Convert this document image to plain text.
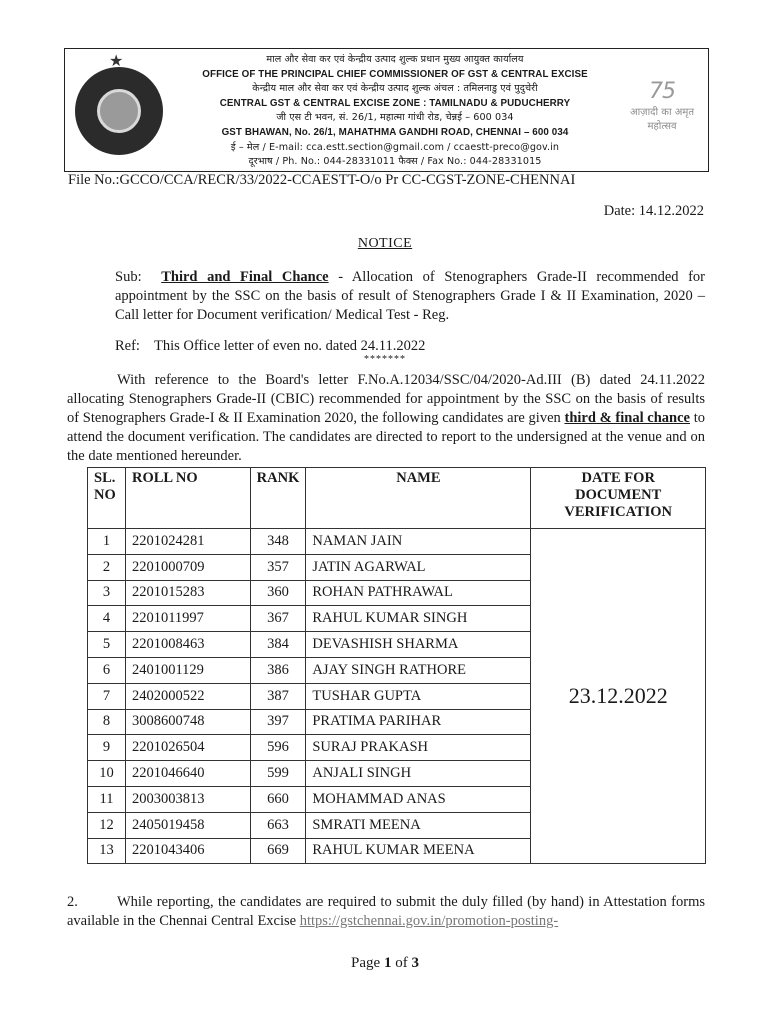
★	माल और सेवा कर एवं केन्द्रीय उत्पाद शुल्क प्रधान मुख्य आयुक्त कार्यालय
OFFICE OF THE PRINCIPAL CHIEF COMMISSIONER OF GST & CENTRAL EXCISE
केन्द्रीय माल और सेवा कर एवं केन्द्रीय उत्पाद शुल्क अंचल : तमिलनाडु एवं पुदुचेरी
CENTRAL GST & CENTRAL EXCISE ZONE : TAMILNADU & PUDUCHERRY
जी एस टी भवन, सं. 26/1, महात्मा गांधी रोड, चेन्नई – 600 034
GST BHAWAN, No. 26/1, MAHATHMA GANDHI ROAD, CHENNAI – 600 034
ई – मेल / E-mail: cca.estt.section@gmail.com / ccaestt-preco@gov.in
दूरभाष / Ph. No.: 044-28331011 फैक्स / Fax No.: 044-28331015
75
आज़ादी का अमृत महोत्सव
File No.:GCCO/CCA/RECR/33/2022-CCAESTT-O/o Pr CC-CGST-ZONE-CHENNAI
Date: 14.12.2022
NOTICE
Sub: Third and Final Chance - Allocation of Stenographers Grade-II recommended for appointment by the SSC on the basis of result of Stenographers Grade I & II Examination, 2020 – Call letter for Document verification/ Medical Test - Reg.
Ref: This Office letter of even no. dated 24.11.2022
*******
With reference to the Board's letter F.No.A.12034/SSC/04/2020-Ad.III (B) dated 24.11.2022 allocating Stenographers Grade-II (CBIC) recommended for appointment by the SSC on the basis of results of Stenographers Grade-I & II Examination 2020, the following candidates are given third & final chance to attend the document verification. The candidates are directed to report to the undersigned at the venue and on the date mentioned hereunder.
SL. NO	ROLL NO	RANK	NAME	DATE FOR DOCUMENT VERIFICATION
1	2201024281	348	NAMAN JAIN	23.12.2022
2	2201000709	357	JATIN AGARWAL	
3	2201015283	360	ROHAN PATHRAWAL	
4	2201011997	367	RAHUL KUMAR SINGH	
5	2201008463	384	DEVASHISH SHARMA	
6	2401001129	386	AJAY SINGH RATHORE	
7	2402000522	387	TUSHAR GUPTA	
8	3008600748	397	PRATIMA PARIHAR	
9	2201026504	596	SURAJ PRAKASH	
10	2201046640	599	ANJALI SINGH	
11	2003003813	660	MOHAMMAD ANAS	
12	2405019458	663	SMRATI MEENA	
13	2201043406	669	RAHUL KUMAR MEENA	
2.	While reporting, the candidates are required to submit the duly filled (by hand) in Attestation forms available in the Chennai Central Excise https://gstchennai.gov.in/promotion-posting-
Page 1 of 3
